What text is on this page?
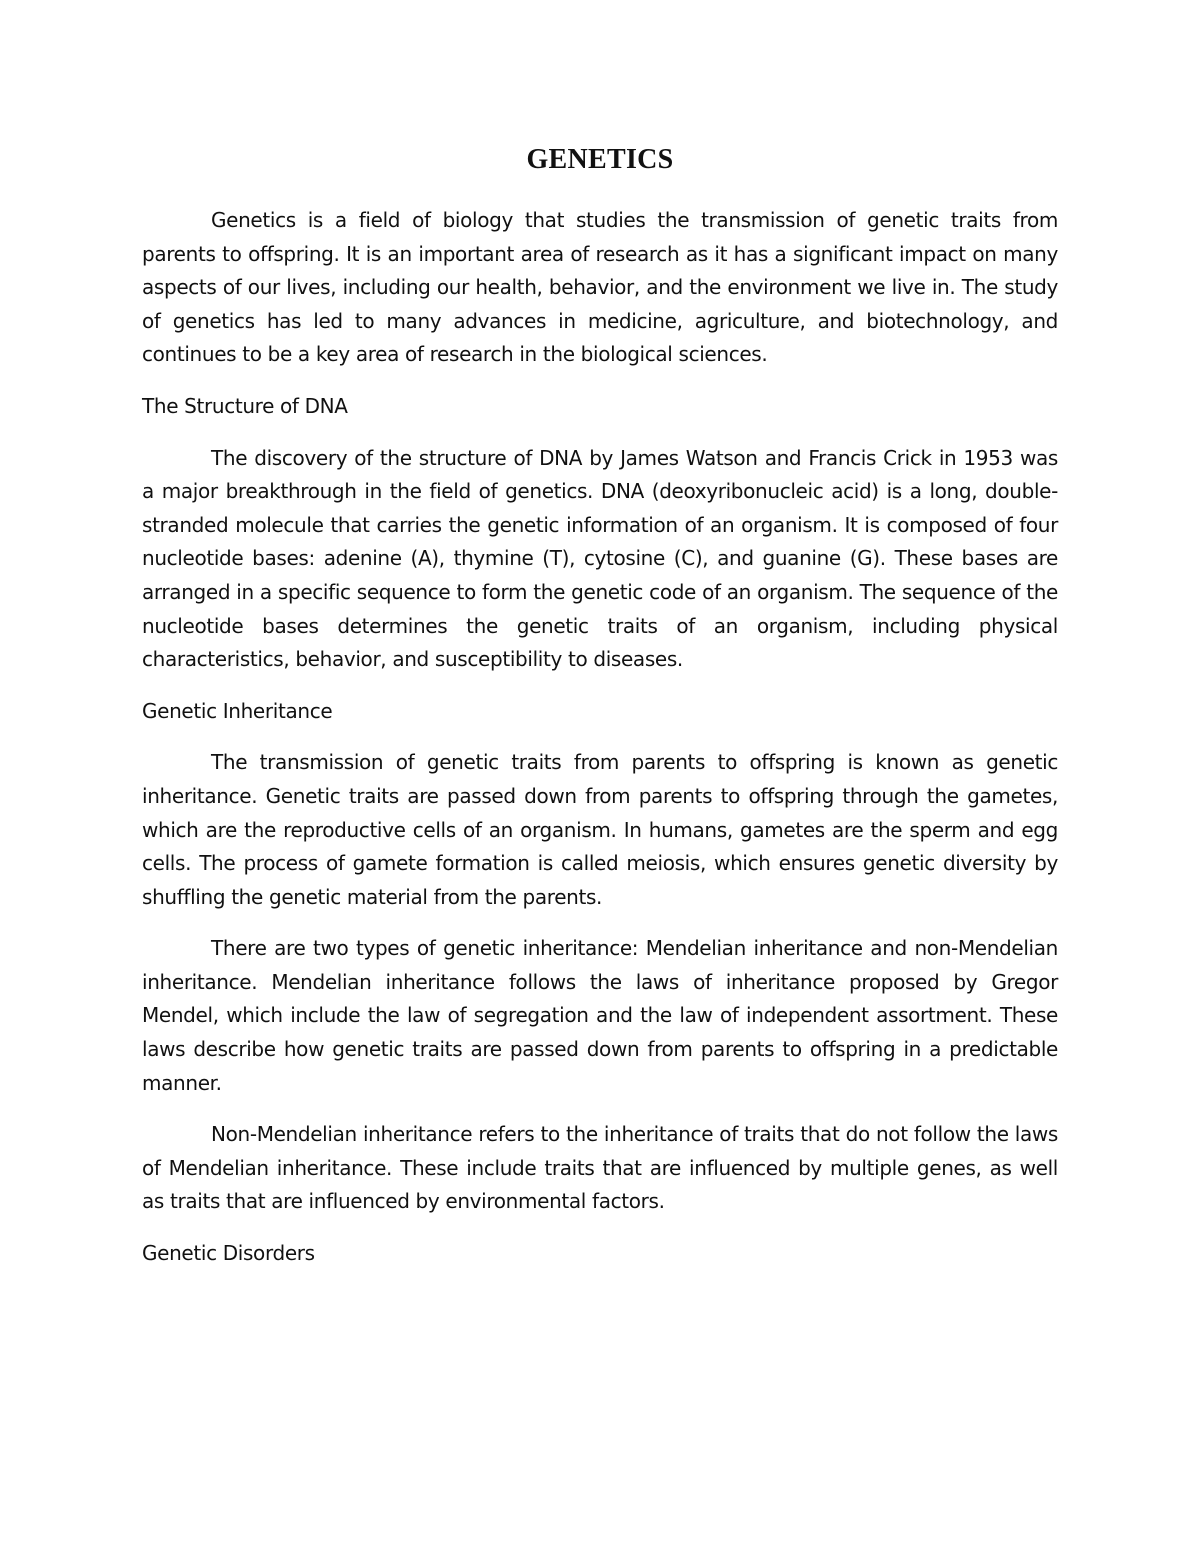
GENETICS

Genetics is a field of biology that studies the transmission of genetic traits from parents to offspring. It is an important area of research as it has a significant impact on many aspects of our lives, including our health, behavior, and the environment we live in. The study of genetics has led to many advances in medicine, agriculture, and biotechnology, and continues to be a key area of research in the biological sciences.

The Structure of DNA

The discovery of the structure of DNA by James Watson and Francis Crick in 1953 was a major breakthrough in the field of genetics. DNA (deoxyribonucleic acid) is a long, double-stranded molecule that carries the genetic information of an organism. It is composed of four nucleotide bases: adenine (A), thymine (T), cytosine (C), and guanine (G). These bases are arranged in a specific sequence to form the genetic code of an organism. The sequence of the nucleotide bases determines the genetic traits of an organism, including physical characteristics, behavior, and susceptibility to diseases.

Genetic Inheritance

The transmission of genetic traits from parents to offspring is known as genetic inheritance. Genetic traits are passed down from parents to offspring through the gametes, which are the reproductive cells of an organism. In humans, gametes are the sperm and egg cells. The process of gamete formation is called meiosis, which ensures genetic diversity by shuffling the genetic material from the parents.

There are two types of genetic inheritance: Mendelian inheritance and non-Mendelian inheritance. Mendelian inheritance follows the laws of inheritance proposed by Gregor Mendel, which include the law of segregation and the law of independent assortment. These laws describe how genetic traits are passed down from parents to offspring in a predictable manner.

Non-Mendelian inheritance refers to the inheritance of traits that do not follow the laws of Mendelian inheritance. These include traits that are influenced by multiple genes, as well as traits that are influenced by environmental factors.

Genetic Disorders
